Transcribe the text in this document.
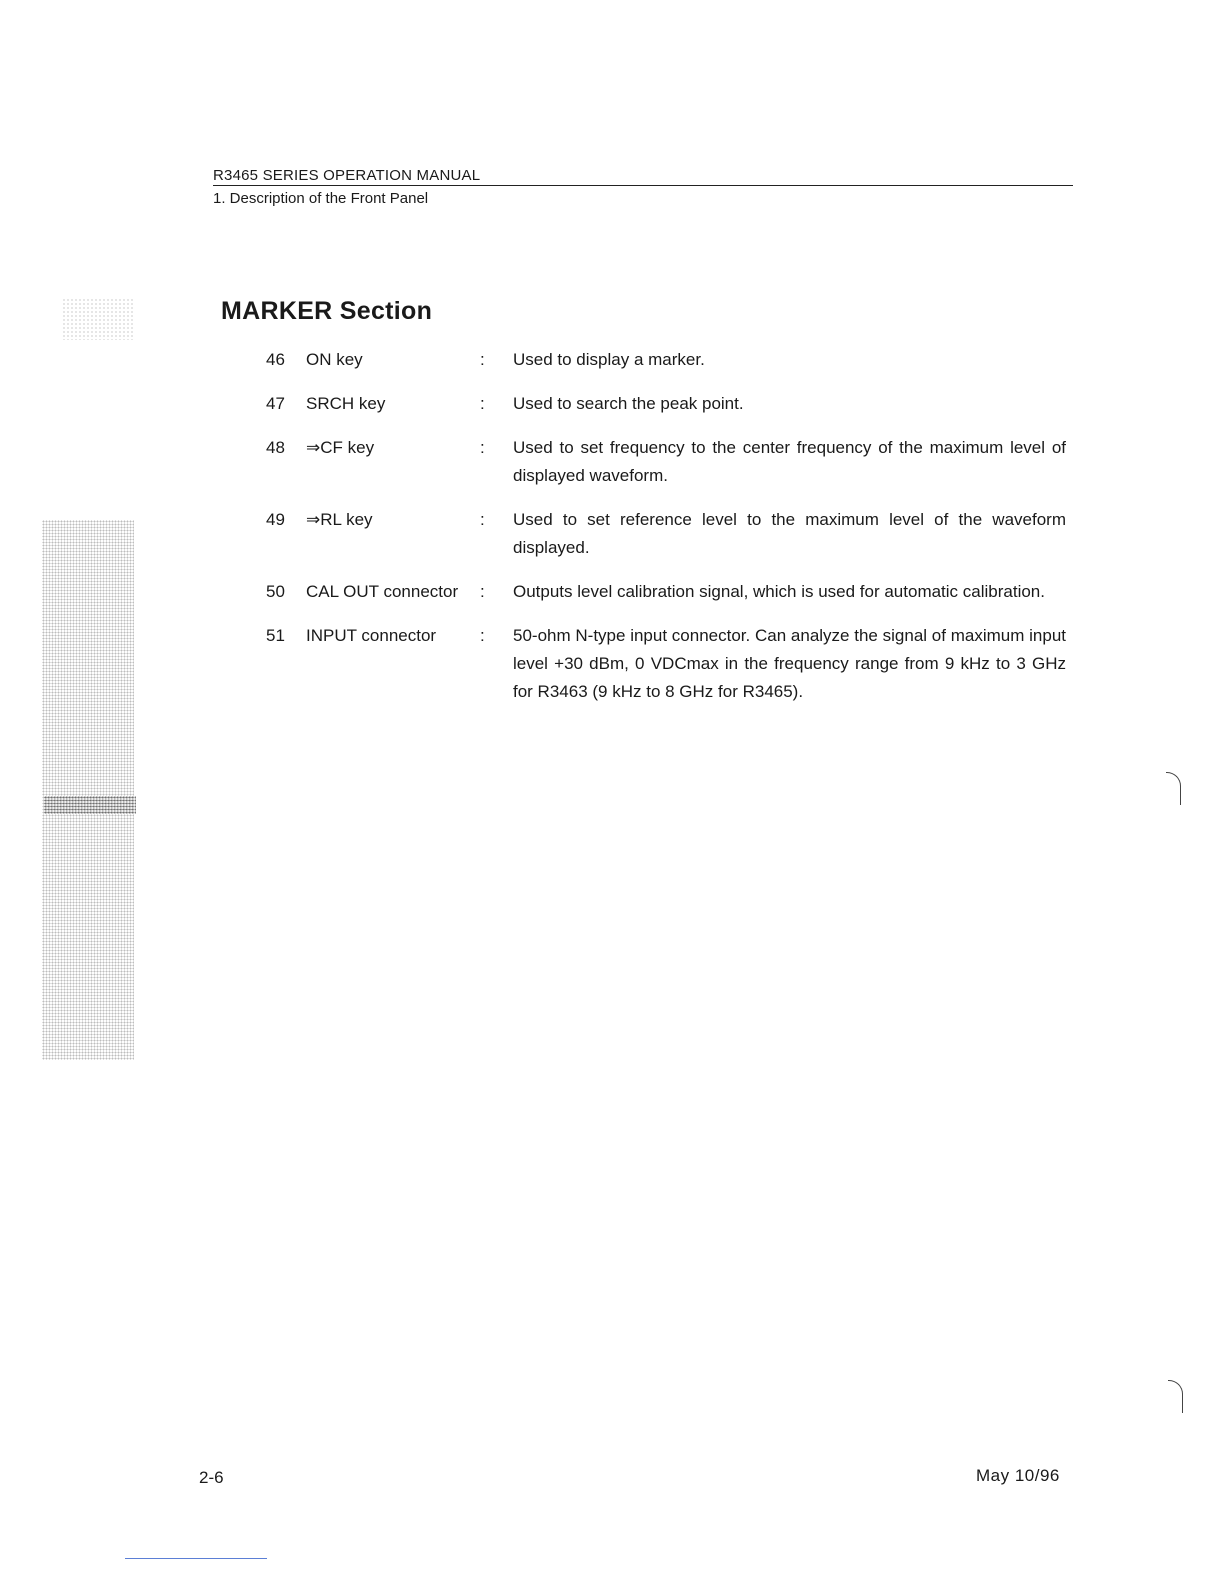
R3465 SERIES OPERATION MANUAL
1. Description of the Front Panel
MARKER Section
46	ON key	:	Used to display a marker.
47	SRCH key	:	Used to search the peak point.
48	⇒CF key	:	Used to set frequency to the center frequency of the maximum level of displayed waveform.
49	⇒RL key	:	Used to set reference level to the maximum level of the waveform displayed.
50	CAL OUT connector	:	Outputs level calibration signal, which is used for automatic calibration.
51	INPUT connector	:	50-ohm N-type input connector. Can analyze the signal of maximum input level +30 dBm, 0 VDCmax in the frequency range from 9 kHz to 3 GHz for R3463 (9 kHz to 8 GHz for R3465).
2-6	May 10/96
